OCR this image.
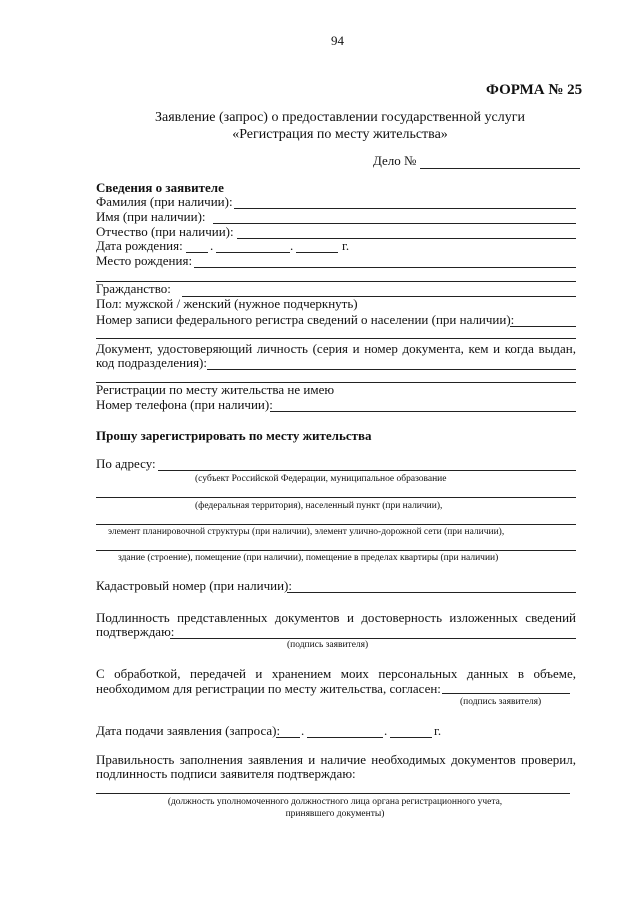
94
ФОРМА № 25
Заявление (запрос) о предоставлении государственной услуги
«Регистрация по месту жительства»
Дело №
Сведения о заявителе
Фамилия (при наличии):
Имя (при наличии):
Отчество (при наличии):
Дата рождения: .	.	г.
Место рождения:
Гражданство:
Пол: мужской / женский (нужное подчеркнуть)
Номер записи федерального регистра сведений о населении (при наличии):
Документ, удостоверяющий личность (серия и номер документа, кем и когда выдан,
код подразделения):
Регистрации по месту жительства не имею
Номер телефона (при наличии):
Прошу зарегистрировать по месту жительства
По адресу:
(субъект Российской Федерации, муниципальное образование
(федеральная территория), населенный пункт (при наличии),
элемент планировочной структуры (при наличии), элемент улично-дорожной сети (при наличии),
здание (строение), помещение (при наличии), помещение в пределах квартиры (при наличии)
Кадастровый номер (при наличии):
Подлинность представленных документов и достоверность изложенных сведений
подтверждаю:
(подпись заявителя)
С обработкой, передачей и хранением моих персональных данных в объеме,
необходимом для регистрации по месту жительства, согласен:
(подпись заявителя)
Дата подачи заявления (запроса): .	.	г.
Правильность заполнения заявления и наличие необходимых документов проверил,
подлинность подписи заявителя подтверждаю:
(должность уполномоченного должностного лица органа регистрационного учета,
принявшего документы)
